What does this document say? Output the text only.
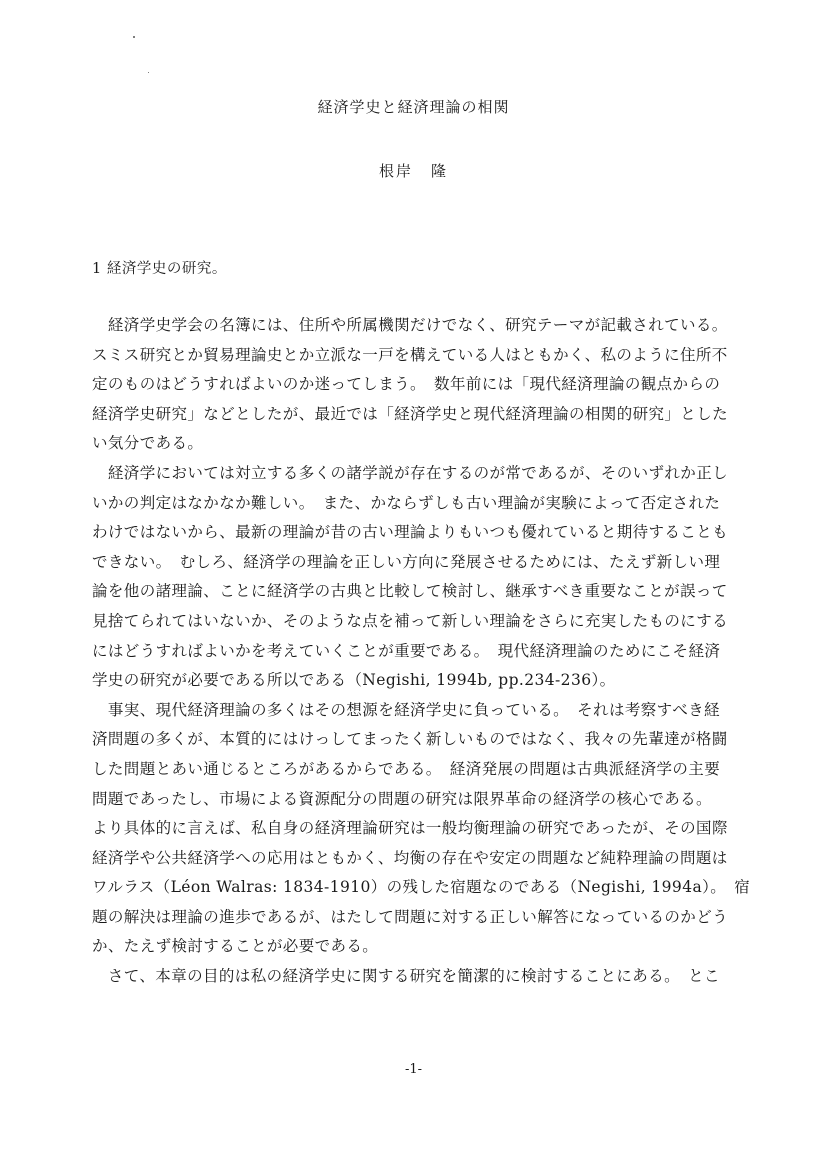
経済学史と経済理論の相関
根岸 隆
1 経済学史の研究。
　経済学史学会の名簿には、住所や所属機関だけでなく、研究テーマが記載されている。
スミス研究とか貿易理論史とか立派な一戸を構えている人はともかく、私のように住所不
定のものはどうすればよいのか迷ってしまう。　数年前には「現代経済理論の観点からの
経済学史研究」などとしたが、最近では「経済学史と現代経済理論の相関的研究」とした
い気分である。
　経済学においては対立する多くの諸学説が存在するのが常であるが、そのいずれか正し
いかの判定はなかなか難しい。　また、かならずしも古い理論が実験によって否定された
わけではないから、最新の理論が昔の古い理論よりもいつも優れていると期待することも
できない。　むしろ、経済学の理論を正しい方向に発展させるためには、たえず新しい理
論を他の諸理論、ことに経済学の古典と比較して検討し、継承すべき重要なことが誤って
見捨てられてはいないか、そのような点を補って新しい理論をさらに充実したものにする
にはどうすればよいかを考えていくことが重要である。　現代経済理論のためにこそ経済
学史の研究が必要である所以である（Negishi, 1994b, pp.234-236）。
　事実、現代経済理論の多くはその想源を経済学史に負っている。　それは考察すべき経
済問題の多くが、本質的にはけっしてまったく新しいものではなく、我々の先輩達が格闘
した問題とあい通じるところがあるからである。　経済発展の問題は古典派経済学の主要
問題であったし、市場による資源配分の問題の研究は限界革命の経済学の核心である。
より具体的に言えば、私自身の経済理論研究は一般均衡理論の研究であったが、その国際
経済学や公共経済学への応用はともかく、均衡の存在や安定の問題など純粋理論の問題は
ワルラス（Léon Walras: 1834-1910）の残した宿題なのである（Negishi, 1994a）。　宿
題の解決は理論の進歩であるが、はたして問題に対する正しい解答になっているのかどう
か、たえず検討することが必要である。
　さて、本章の目的は私の経済学史に関する研究を簡潔的に検討することにある。　とこ
-1-
